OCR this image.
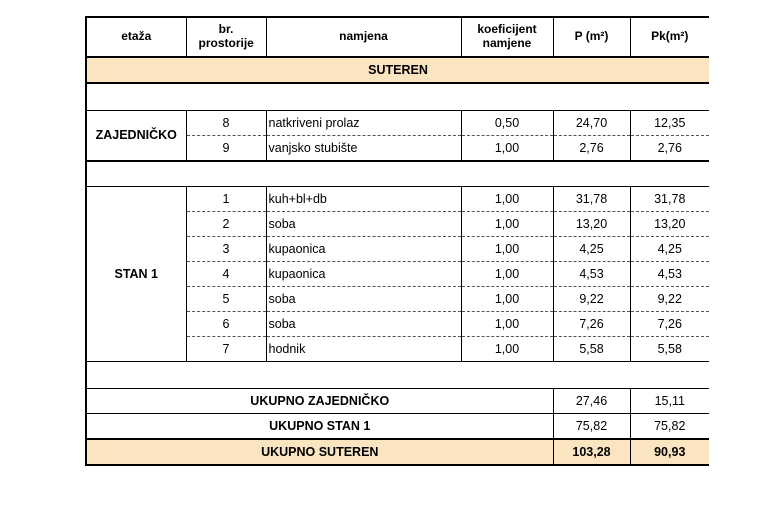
etaža	br. prostorije	namjena	koeficijent namjene	P (m²)	Pk(m²)
SUTEREN					

ZAJEDNIČKO	8	natkriveni prolaz	0,50	24,70	12,35
	9	vanjsko stubište	1,00	2,76	2,76

STAN 1	1	kuh+bl+db	1,00	31,78	31,78
	2	soba	1,00	13,20	13,20
	3	kupaonica	1,00	4,25	4,25
	4	kupaonica	1,00	4,53	4,53
	5	soba	1,00	9,22	9,22
	6	soba	1,00	7,26	7,26
	7	hodnik	1,00	5,58	5,58

UKUPNO ZAJEDNIČKO				27,46	15,11
UKUPNO STAN 1				75,82	75,82
UKUPNO SUTEREN				103,28	90,93
